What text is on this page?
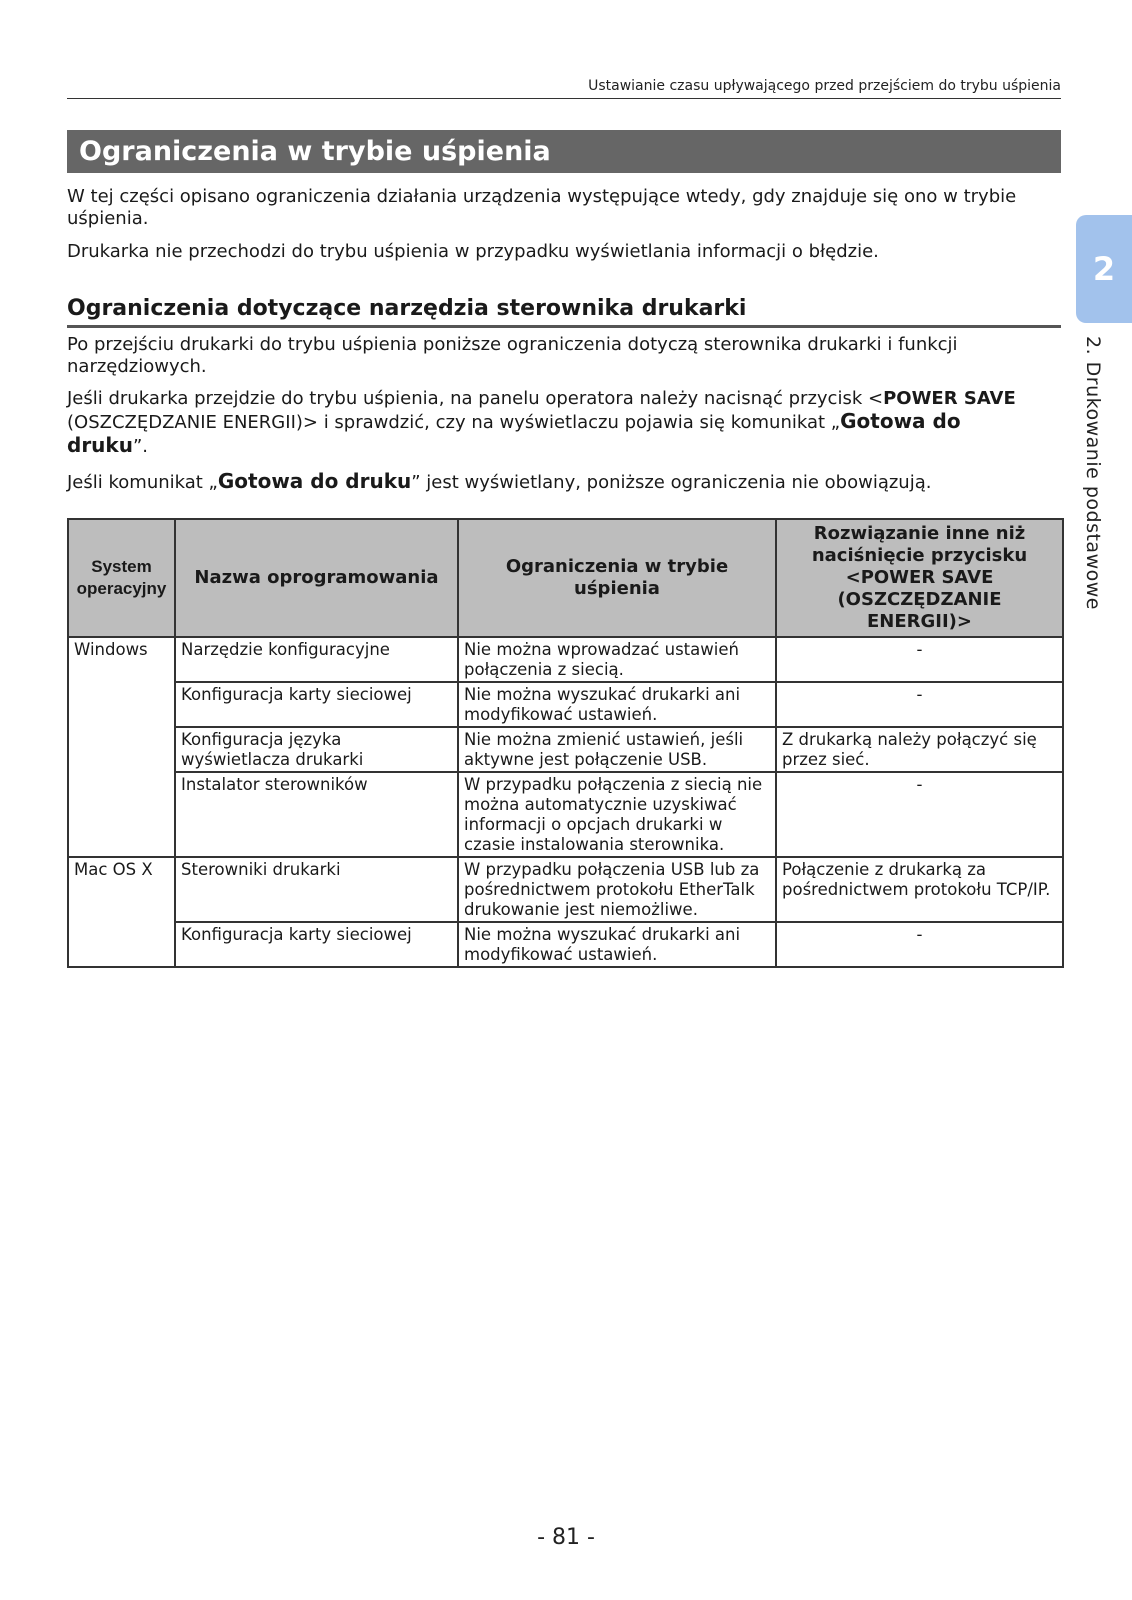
Ustawianie czasu upływającego przed przejściem do trybu uśpienia
Ograniczenia w trybie uśpienia

W tej części opisano ograniczenia działania urządzenia występujące wtedy, gdy znajduje się ono w trybie uśpienia.

Drukarka nie przechodzi do trybu uśpienia w przypadku wyświetlania informacji o błędzie.

Ograniczenia dotyczące narzędzia sterownika drukarki

Po przejściu drukarki do trybu uśpienia poniższe ograniczenia dotyczą sterownika drukarki i funkcji narzędziowych.

Jeśli drukarka przejdzie do trybu uśpienia, na panelu operatora należy nacisnąć przycisk <POWER SAVE (OSZCZĘDZANIE ENERGII)> i sprawdzić, czy na wyświetlaczu pojawia się komunikat „Gotowa do druku”.

Jeśli komunikat „Gotowa do druku” jest wyświetlany, poniższe ograniczenia nie obowiązują.

System operacyjny	Nazwa oprogramowania	Ograniczenia w trybie uśpienia	Rozwiązanie inne niż naciśnięcie przycisku <POWER SAVE (OSZCZĘDZANIE ENERGII)>
Windows	Narzędzie konfiguracyjne	Nie można wprowadzać ustawień połączenia z siecią.	-
	Konfiguracja karty sieciowej	Nie można wyszukać drukarki ani modyfikować ustawień.	-
	Konfiguracja języka wyświetlacza drukarki	Nie można zmienić ustawień, jeśli aktywne jest połączenie USB.	Z drukarką należy połączyć się przez sieć.
	Instalator sterowników	W przypadku połączenia z siecią nie można automatycznie uzyskiwać informacji o opcjach drukarki w czasie instalowania sterownika.	-
Mac OS X	Sterowniki drukarki	W przypadku połączenia USB lub za pośrednictwem protokołu EtherTalk drukowanie jest niemożliwe.	Połączenie z drukarką za pośrednictwem protokołu TCP/IP.
	Konfiguracja karty sieciowej	Nie można wyszukać drukarki ani modyfikować ustawień.	-
2
2. Drukowanie podstawowe
- 81 -
